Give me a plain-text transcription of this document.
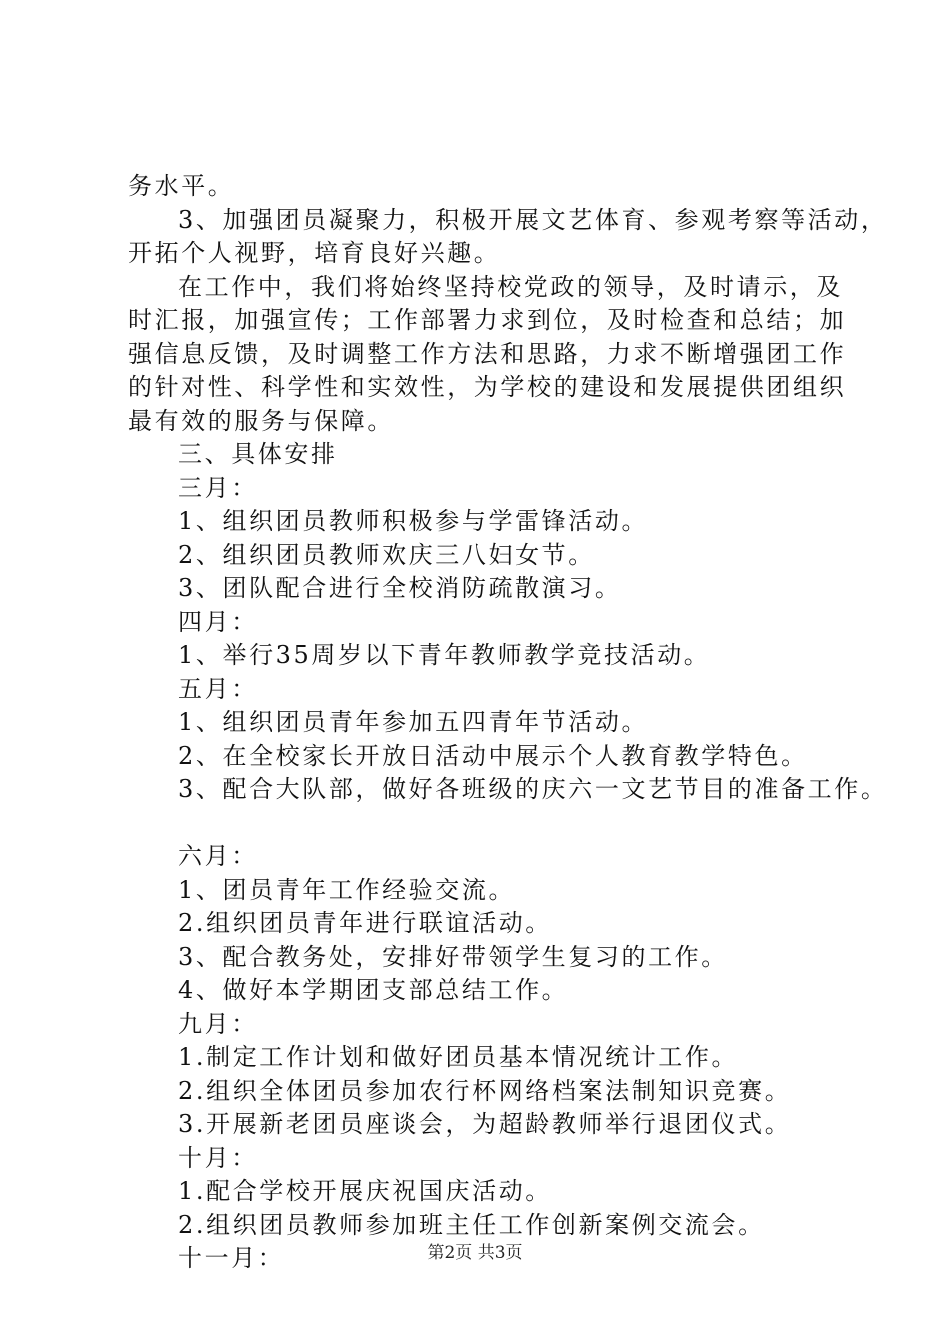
务水平。
3、加强团员凝聚力，积极开展文艺体育、参观考察等活动，
开拓个人视野，培育良好兴趣。
在工作中，我们将始终坚持校党政的领导，及时请示，及
时汇报，加强宣传；工作部署力求到位，及时检查和总结；加
强信息反馈，及时调整工作方法和思路，力求不断增强团工作
的针对性、科学性和实效性，为学校的建设和发展提供团组织
最有效的服务与保障。
三、具体安排
三月：
1、组织团员教师积极参与学雷锋活动。
2、组织团员教师欢庆三八妇女节。
3、团队配合进行全校消防疏散演习。
四月：
1、举行35周岁以下青年教师教学竞技活动。
五月：
1、组织团员青年参加五四青年节活动。
2、在全校家长开放日活动中展示个人教育教学特色。
3、配合大队部，做好各班级的庆六一文艺节目的准备工作。
六月：
1、团员青年工作经验交流。
2.组织团员青年进行联谊活动。
3、配合教务处，安排好带领学生复习的工作。
4、做好本学期团支部总结工作。
九月：
1.制定工作计划和做好团员基本情况统计工作。
2.组织全体团员参加农行杯网络档案法制知识竞赛。
3.开展新老团员座谈会，为超龄教师举行退团仪式。
十月：
1.配合学校开展庆祝国庆活动。
2.组织团员教师参加班主任工作创新案例交流会。
十一月：	第2页 共3页
